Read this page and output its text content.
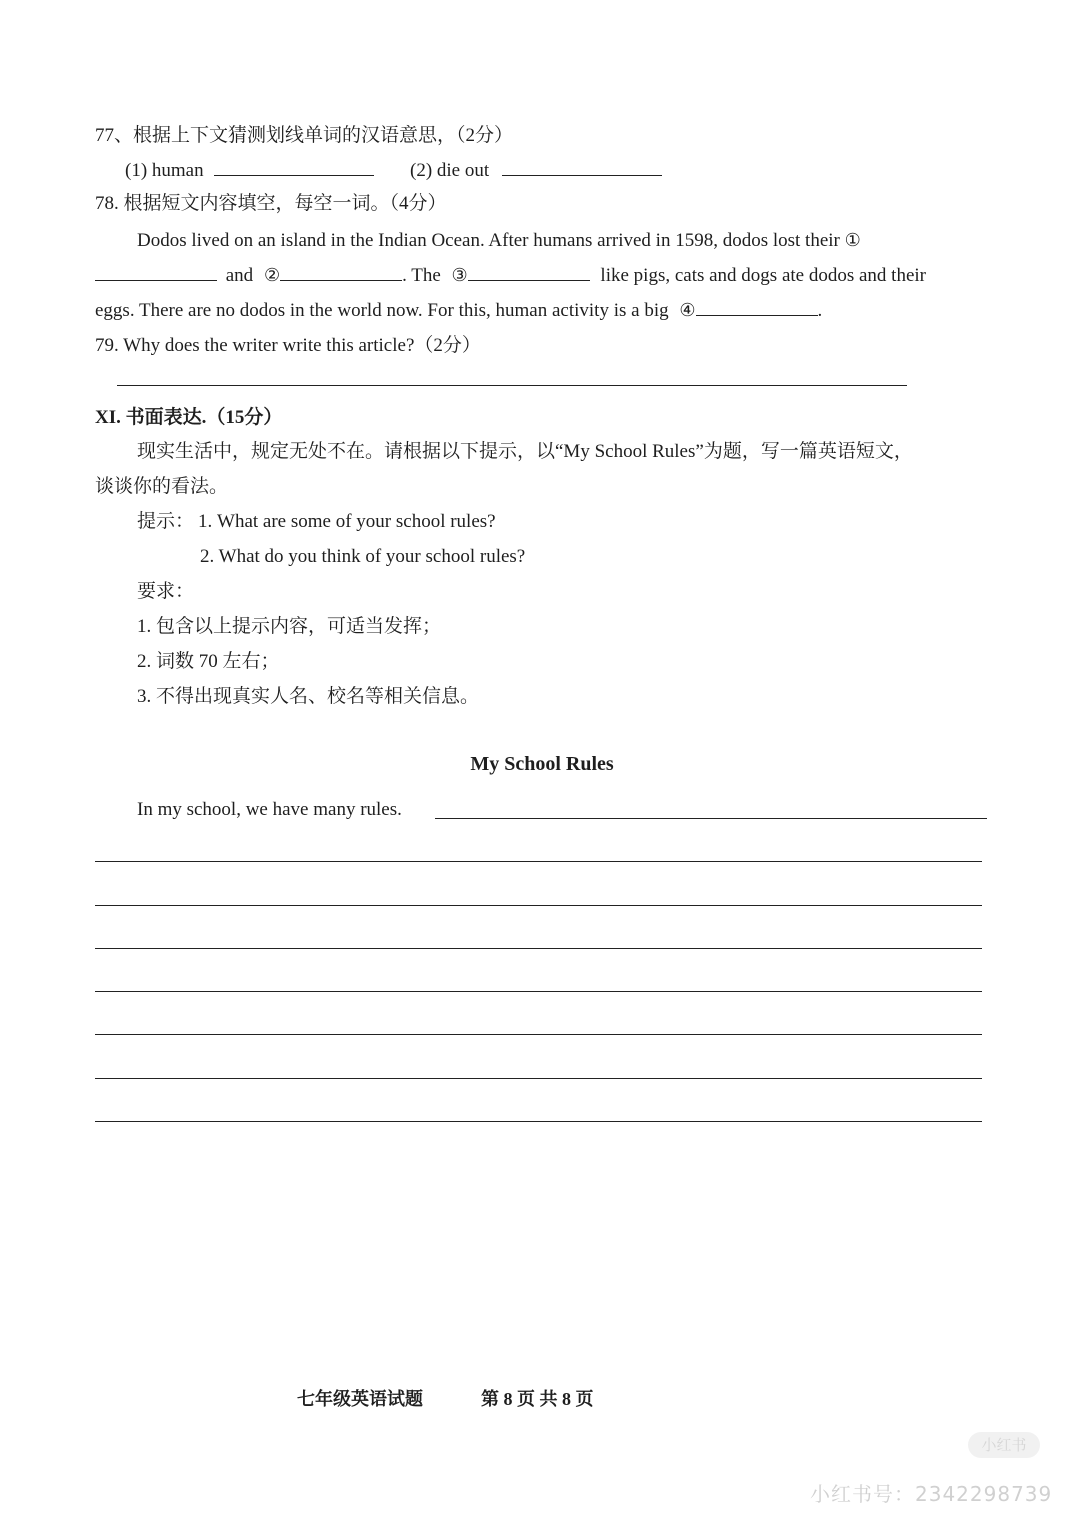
77、根据上下文猜测划线单词的汉语意思，（2分）
(1) human	(2) die out
78. 根据短文内容填空，每空一词。（4分）
Dodos lived on an island in the Indian Ocean. After humans arrived in 1598, dodos lost their ①
and ②	. The ③	like pigs, cats and dogs ate dodos and their
eggs. There are no dodos in the world now. For this, human activity is a big ④	.
79. Why does the writer write this article?（2分）
XI. 书面表达.（15分）
现实生活中，规定无处不在。请根据以下提示，以“My School Rules”为题，写一篇英语短文，
谈谈你的看法。
提示： 1. What are some of your school rules?
2. What do you think of your school rules?
要求：
1. 包含以上提示内容，可适当发挥；
2. 词数 70 左右；
3. 不得出现真实人名、校名等相关信息。
My School Rules
In my school, we have many rules.
七年级英语试题	第 8 页 共 8 页
小红书
小红书号：2342298739
